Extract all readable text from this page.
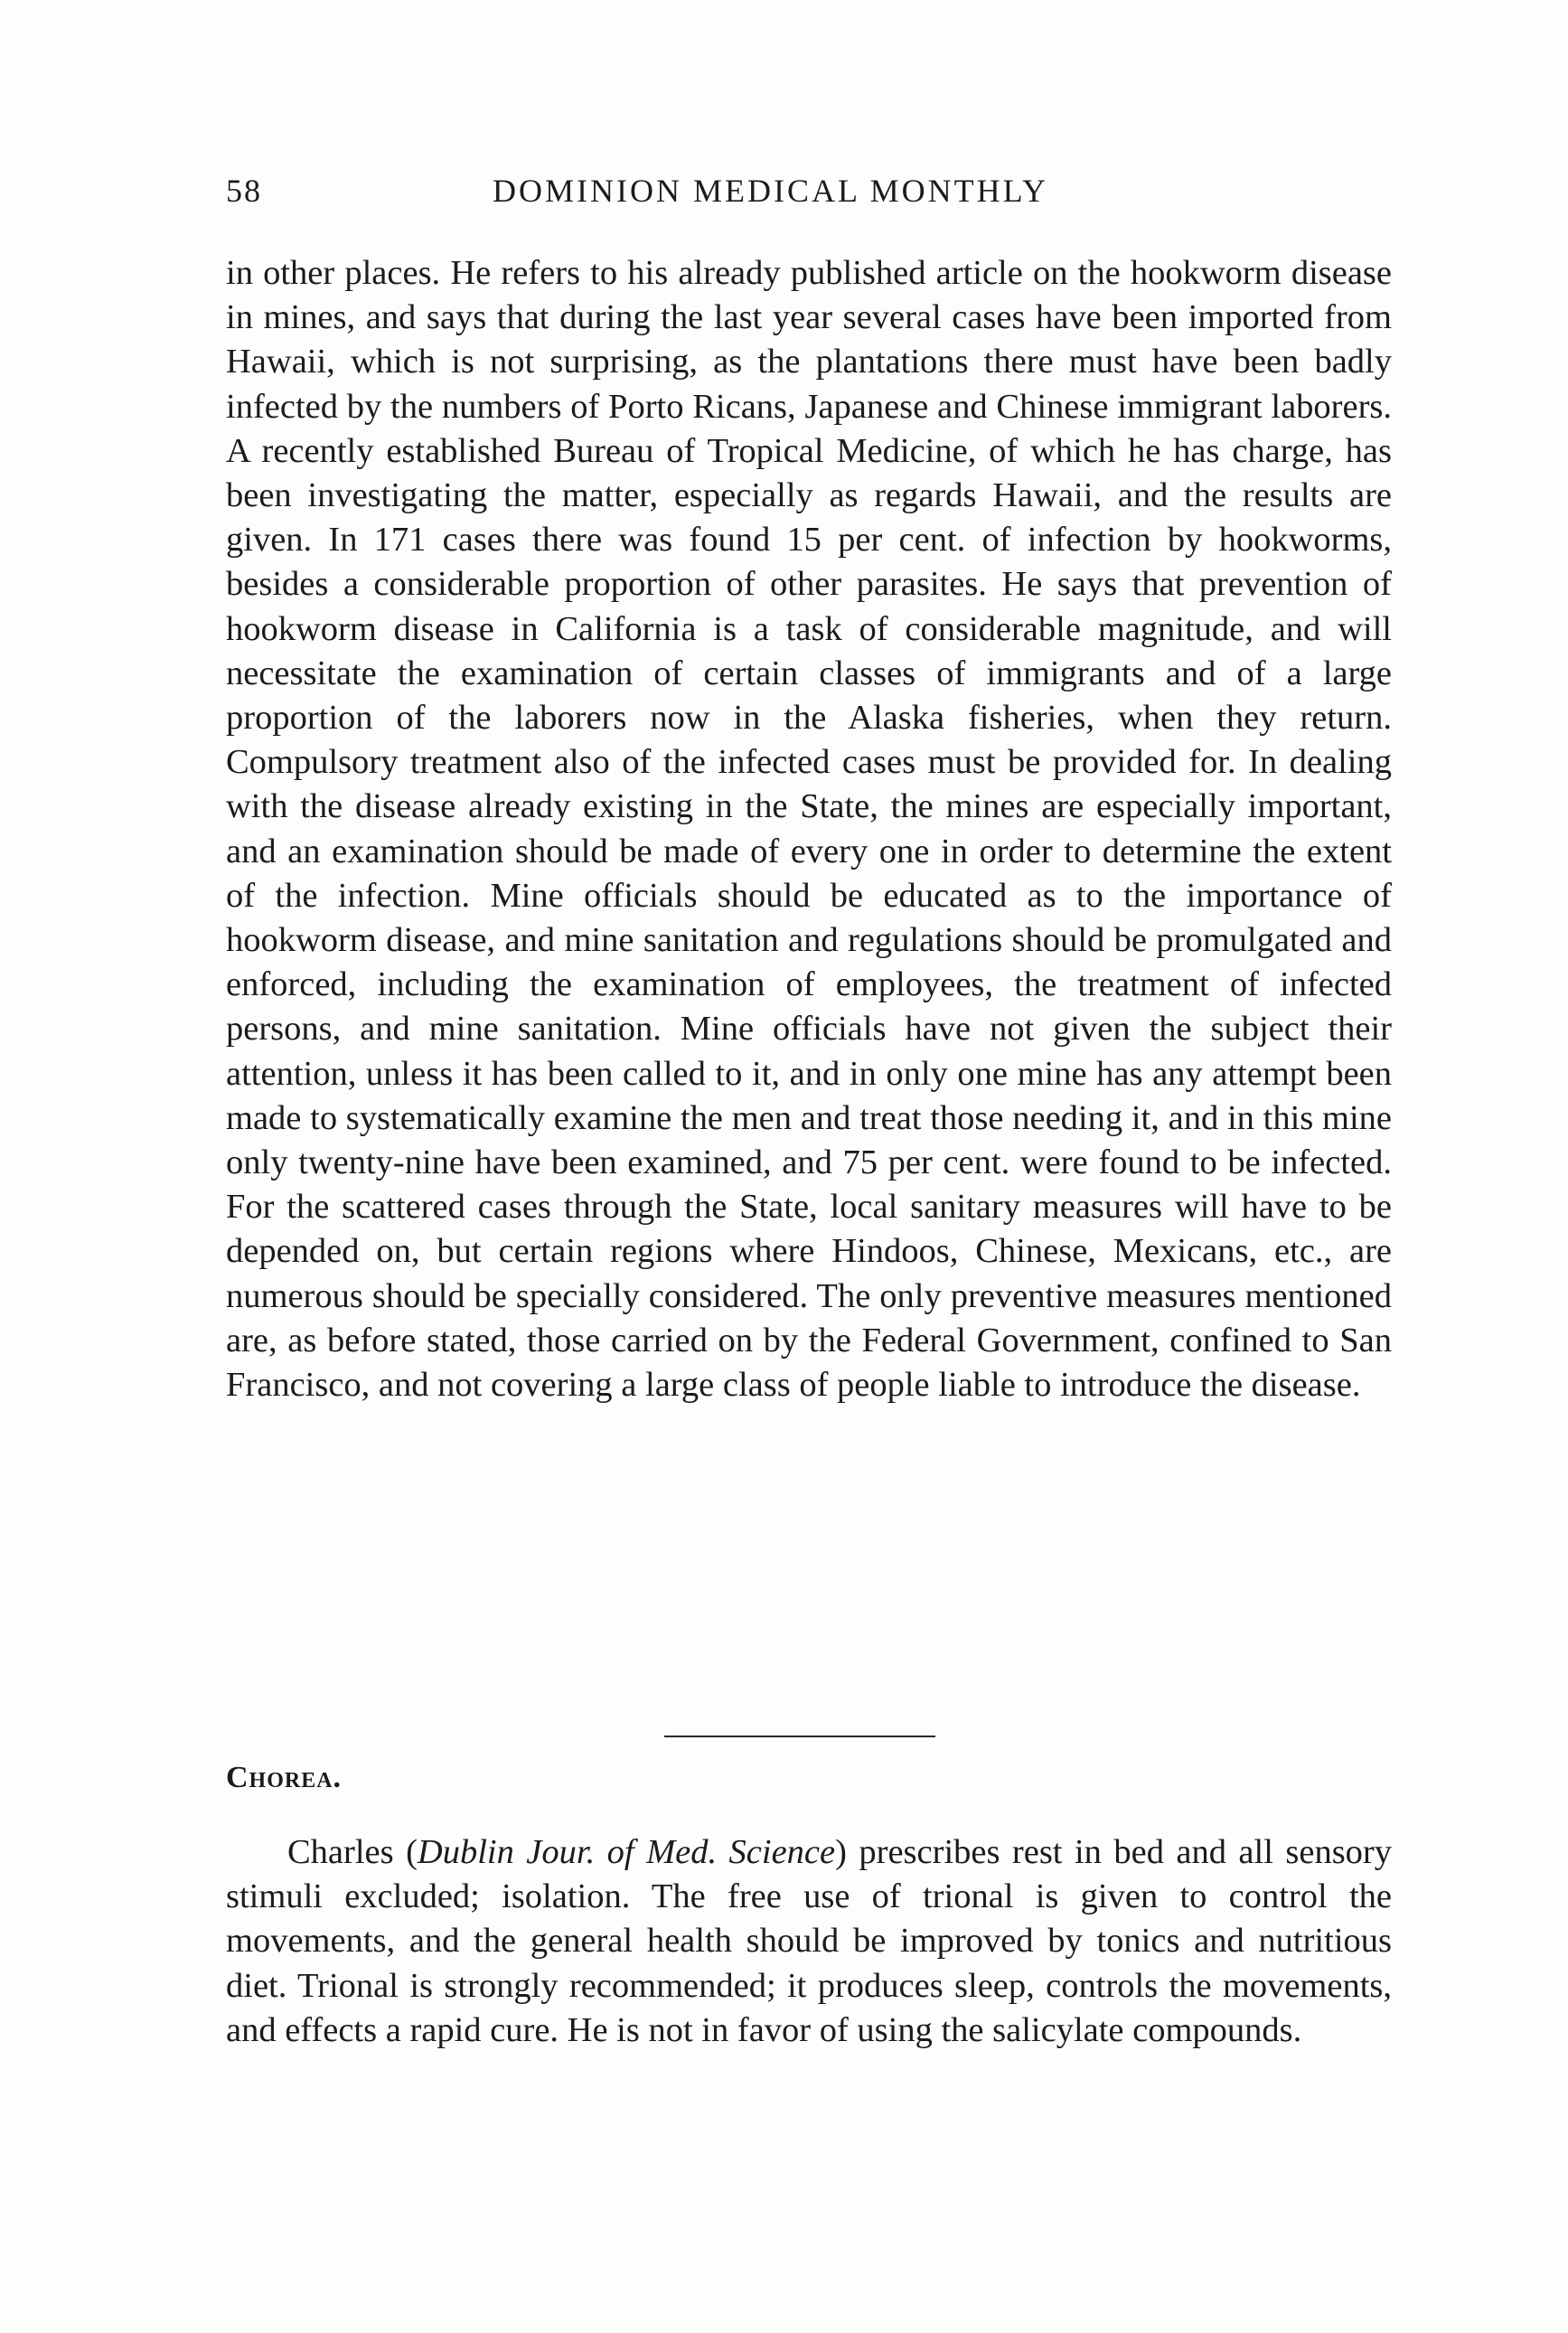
58	DOMINION MEDICAL MONTHLY

in other places. He refers to his already published article on the hookworm disease in mines, and says that during the last year several cases have been imported from Hawaii, which is not surprising, as the plantations there must have been badly infected by the numbers of Porto Ricans, Japanese and Chinese immigrant laborers. A recently established Bureau of Tropical Medicine, of which he has charge, has been investigating the matter, especially as regards Hawaii, and the results are given. In 171 cases there was found 15 per cent. of infection by hookworms, besides a considerable proportion of other parasites. He says that prevention of hookworm disease in California is a task of considerable magnitude, and will necessitate the examination of certain classes of immigrants and of a large proportion of the laborers now in the Alaska fisheries, when they return. Compulsory treatment also of the infected cases must be provided for. In dealing with the disease already existing in the State, the mines are especially important, and an examination should be made of every one in order to determine the extent of the infection. Mine officials should be educated as to the importance of hookworm disease, and mine sanitation and regulations should be promulgated and enforced, including the examination of employees, the treatment of infected persons, and mine sanitation. Mine officials have not given the subject their attention, unless it has been called to it, and in only one mine has any attempt been made to systematically examine the men and treat those needing it, and in this mine only twenty-nine have been examined, and 75 per cent. were found to be infected. For the scattered cases through the State, local sanitary measures will have to be depended on, but certain regions where Hindoos, Chinese, Mexicans, etc., are numerous should be specially considered. The only preventive measures mentioned are, as before stated, those carried on by the Federal Government, confined to San Francisco, and not covering a large class of people liable to introduce the disease.

Chorea.

Charles (Dublin Jour. of Med. Science) prescribes rest in bed and all sensory stimuli excluded; isolation. The free use of trional is given to control the movements, and the general health should be improved by tonics and nutritious diet. Trional is strongly recommended; it produces sleep, controls the movements, and effects a rapid cure. He is not in favor of using the salicylate compounds.
